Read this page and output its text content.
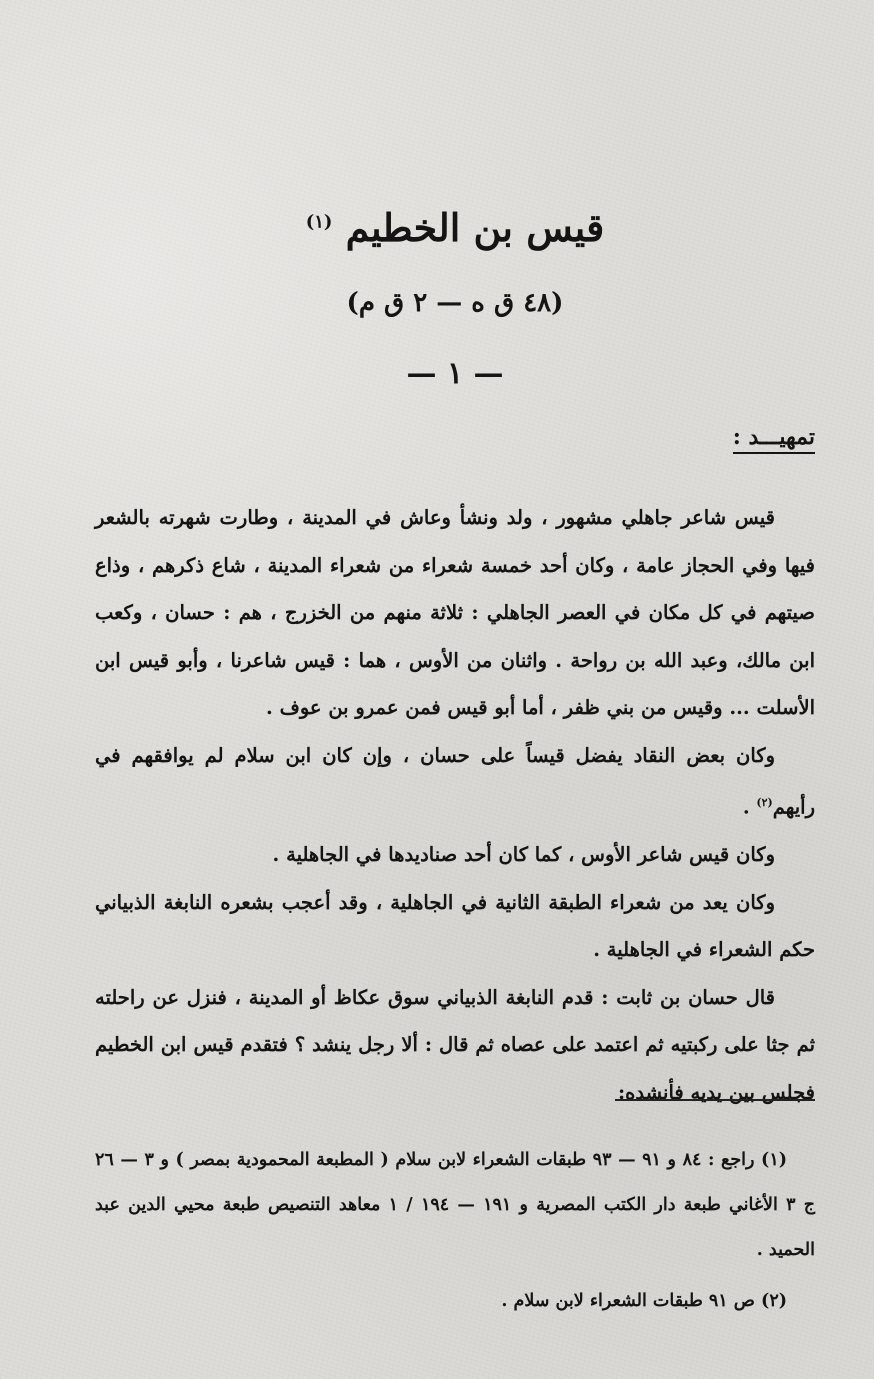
قيس بن الخطيم $^{(١)}$
(٤٨ ق ه — ٢ ق م)
— ١ —
تمهيـــد :

قيس شاعر جاهلي مشهور ، ولد ونشأ وعاش في المدينة ، وطارت شهرته بالشعر فيها وفي الحجاز عامة ، وكان أحد خمسة شعراء من شعراء المدينة ، شاع ذكرهم ، وذاع صيتهم في كل مكان في العصر الجاهلي : ثلاثة منهم من الخزرج ، هم : حسان ، وكعب ابن مالك، وعبد الله بن رواحة . واثنان من الأوس ، هما : قيس شاعرنا ، وأبو قيس ابن الأسلت ... وقيس من بني ظفر ، أما أبو قيس فمن عمرو بن عوف .

وكان بعض النقاد يفضل قيساً على حسان ، وإن كان ابن سلام لم يوافقهم في رأيهم$^{(٢)}$ .

وكان قيس شاعر الأوس ، كما كان أحد صناديدها في الجاهلية .

وكان يعد من شعراء الطبقة الثانية في الجاهلية ، وقد أعجب بشعره النابغة الذبياني حكم الشعراء في الجاهلية .

قال حسان بن ثابت : قدم النابغة الذبياني سوق عكاظ أو المدينة ، فنزل عن راحلته ثم جثا على ركبتيه ثم اعتمد على عصاه ثم قال : ألا رجل ينشد ؟ فتقدم قيس ابن الخطيم فجلس بين يديه فأنشده:

(١) راجع : ٨٤ و ٩١ — ٩٣ طبقات الشعراء لابن سلام ( المطبعة المحمودية بمصر ) و ٣ — ٢٦ ج ٣ الأغاني طبعة دار الكتب المصرية و ١٩١ — ١٩٤ / ١ معاهد التنصيص طبعة محيي الدين عبد الحميد .

(٢) ص ٩١ طبقات الشعراء لابن سلام .
